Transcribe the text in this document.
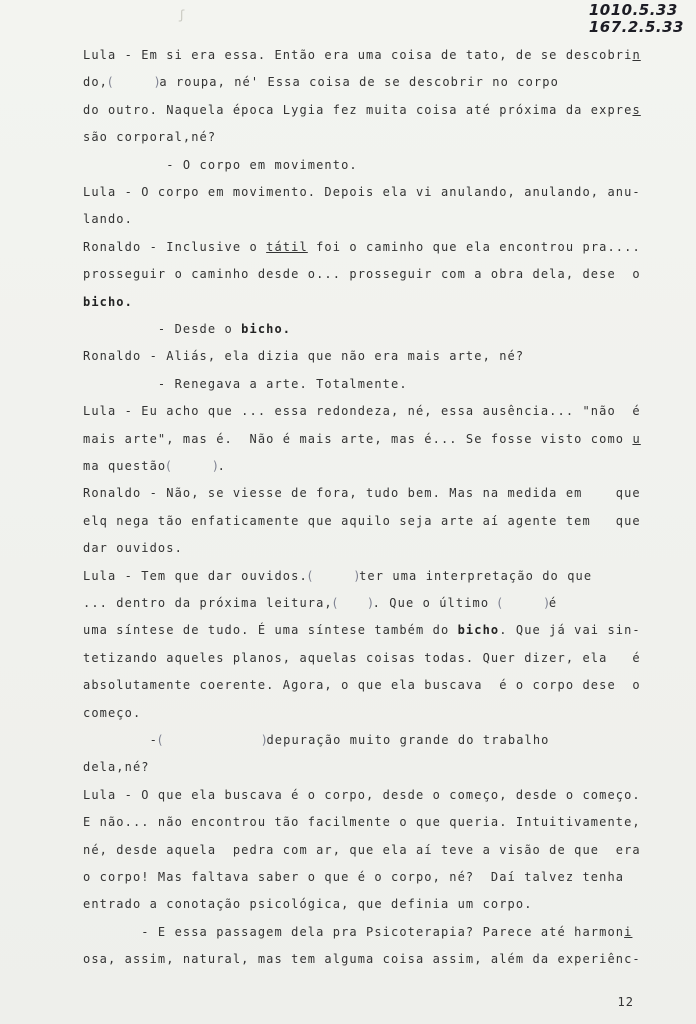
ʃ	1010.5.33
167.2.5.33
Lula - Em si era essa. Então era uma coisa de tato, de se descobrin
do,(           )a roupa, né' Essa coisa de se descobrir no corpo
do outro. Naquela época Lygia fez muita coisa até próxima da expres
são corporal,né?
- O corpo em movimento.
Lula - O corpo em movimento. Depois ela vi anulando, anulando, anu-
lando.
Ronaldo - Inclusive o tátil foi o caminho que ela encontrou pra....
prosseguir o caminho desde o... prosseguir com a obra dela, dese  o
bicho.
- Desde o bicho.
Ronaldo - Aliás, ela dizia que não era mais arte, né?
- Renegava a arte. Totalmente.
Lula - Eu acho que ... essa redondeza, né, essa ausência... "não  é
mais arte", mas é.  Não é mais arte, mas é... Se fosse visto como u
ma questão(           ).
Ronaldo - Não, se viesse de fora, tudo bem. Mas na medida em    que
elq nega tão enfaticamente que aquilo seja arte aí agente tem   que
dar ouvidos.
Lula - Tem que dar ouvidos.(           )ter uma interpretação do que
... dentro da próxima leitura,(        ). Que o último (           )é
uma síntese de tudo. É uma síntese também do bicho. Que já vai sin-
tetizando aqueles planos, aquelas coisas todas. Quer dizer, ela   é
absolutamente coerente. Agora, o que ela buscava  é o corpo dese  o
começo.
-(                          )depuração muito grande do trabalho
dela,né?
Lula - O que ela buscava é o corpo, desde o começo, desde o começo.
E não... não encontrou tão facilmente o que queria. Intuitivamente,
né, desde aquela  pedra com ar, que ela aí teve a visão de que  era
o corpo! Mas faltava saber o que é o corpo, né?  Daí talvez tenha
entrado a conotação psicológica, que definia um corpo.
- E essa passagem dela pra Psicoterapia? Parece até harmoni
osa, assim, natural, mas tem alguma coisa assim, além da experiênc-
12
